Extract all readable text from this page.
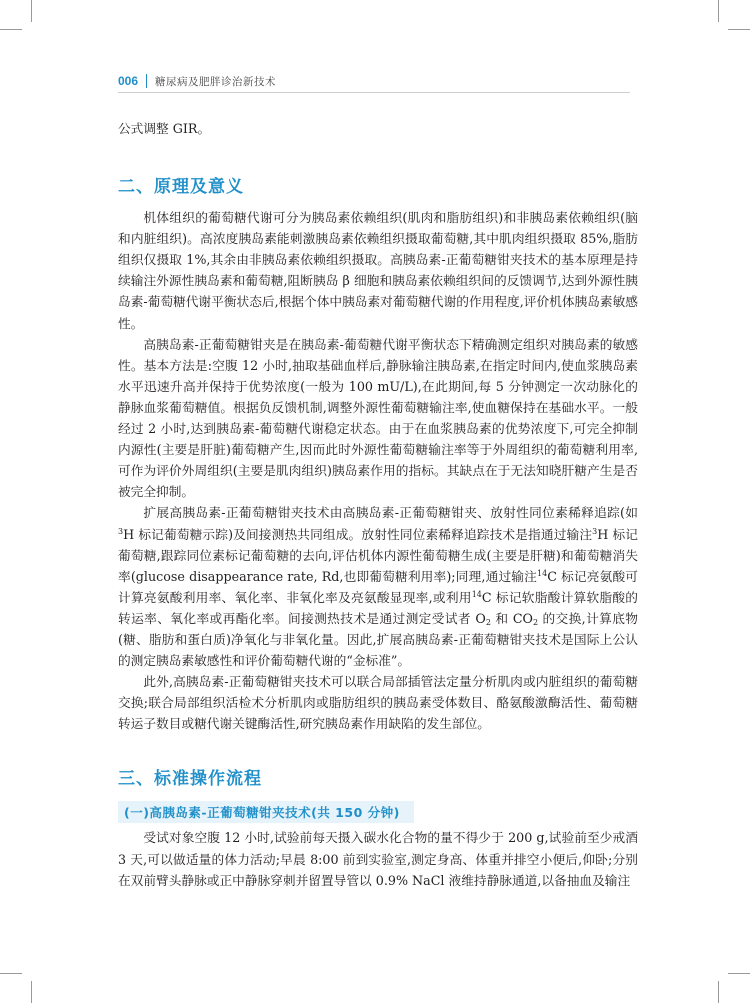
006 糖尿病及肥胖诊治新技术

公式调整 GIR。

二、原理及意义

机体组织的葡萄糖代谢可分为胰岛素依赖组织(肌肉和脂肪组织)和非胰岛素依赖组织(脑和内脏组织)。高浓度胰岛素能刺激胰岛素依赖组织摄取葡萄糖,其中肌肉组织摄取 85%,脂肪组织仅摄取 1%,其余由非胰岛素依赖组织摄取。高胰岛素-正葡萄糖钳夹技术的基本原理是持续输注外源性胰岛素和葡萄糖,阻断胰岛 β 细胞和胰岛素依赖组织间的反馈调节,达到外源性胰岛素-葡萄糖代谢平衡状态后,根据个体中胰岛素对葡萄糖代谢的作用程度,评价机体胰岛素敏感性。

高胰岛素-正葡萄糖钳夹是在胰岛素-葡萄糖代谢平衡状态下精确测定组织对胰岛素的敏感性。基本方法是:空腹 12 小时,抽取基础血样后,静脉输注胰岛素,在指定时间内,使血浆胰岛素水平迅速升高并保持于优势浓度(一般为 100 mU/L),在此期间,每 5 分钟测定一次动脉化的静脉血浆葡萄糖值。根据负反馈机制,调整外源性葡萄糖输注率,使血糖保持在基础水平。一般经过 2 小时,达到胰岛素-葡萄糖代谢稳定状态。由于在血浆胰岛素的优势浓度下,可完全抑制内源性(主要是肝脏)葡萄糖产生,因而此时外源性葡萄糖输注率等于外周组织的葡萄糖利用率,可作为评价外周组织(主要是肌肉组织)胰岛素作用的指标。其缺点在于无法知晓肝糖产生是否被完全抑制。

扩展高胰岛素-正葡萄糖钳夹技术由高胰岛素-正葡萄糖钳夹、放射性同位素稀释追踪(如$^3$H 标记葡萄糖示踪)及间接测热共同组成。放射性同位素稀释追踪技术是指通过输注$^3$H 标记葡萄糖,跟踪同位素标记葡萄糖的去向,评估机体内源性葡萄糖生成(主要是肝糖)和葡萄糖消失率(glucose disappearance rate, Rd,也即葡萄糖利用率);同理,通过输注$^{14}$C 标记亮氨酸可计算亮氨酸利用率、氧化率、非氧化率及亮氨酸显现率,或利用$^{14}$C 标记软脂酸计算软脂酸的转运率、氧化率或再酯化率。间接测热技术是通过测定受试者 $O_2$ 和 $CO_2$ 的交换,计算底物(糖、脂肪和蛋白质)净氧化与非氧化量。因此,扩展高胰岛素-正葡萄糖钳夹技术是国际上公认的测定胰岛素敏感性和评价葡萄糖代谢的“金标准”。

此外,高胰岛素-正葡萄糖钳夹技术可以联合局部插管法定量分析肌肉或内脏组织的葡萄糖交换;联合局部组织活检术分析肌肉或脂肪组织的胰岛素受体数目、酪氨酸激酶活性、葡萄糖转运子数目或糖代谢关键酶活性,研究胰岛素作用缺陷的发生部位。

三、标准操作流程
(一)高胰岛素-正葡萄糖钳夹技术(共 150 分钟)

受试对象空腹 12 小时,试验前每天摄入碳水化合物的量不得少于 200 g,试验前至少戒酒 3 天,可以做适量的体力活动;早晨 8:00 前到实验室,测定身高、体重并排空小便后,仰卧;分别在双前臂头静脉或正中静脉穿刺并留置导管以 0.9% NaCl 液维持静脉通道,以备抽血及输注
